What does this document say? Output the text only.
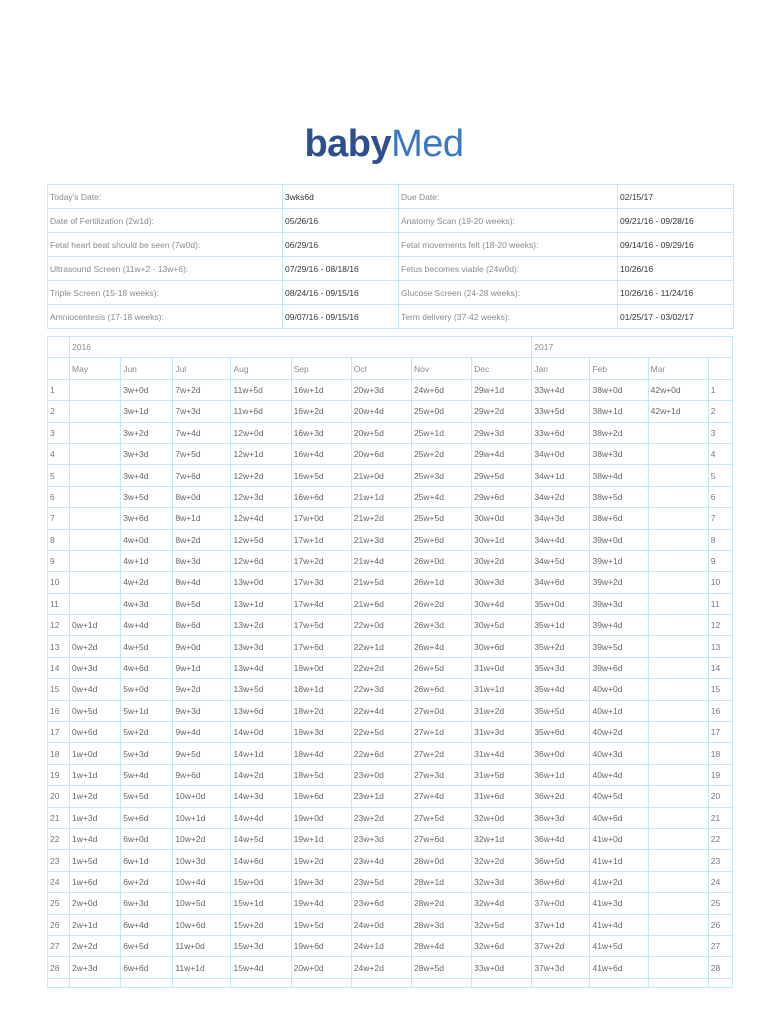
babyMed
Today's Date:	3wks6d	Due Date:	02/15/17
Date of Fertilization (2w1d):	05/26/16	Anatomy Scan (19-20 weeks):	09/21/16 - 09/28/16
Fetal heart beat should be seen (7w0d):	06/29/16	Fetal movements felt (18-20 weeks):	09/14/16 - 09/29/16
Ultrasound Screen (11w+2 - 13w+6):	07/29/16 - 08/18/16	Fetus becomes viable (24w0d):	10/26/16
Triple Screen (15-18 weeks):	08/24/16 - 09/15/16	Glucose Screen (24-28 weeks):	10/26/16 - 11/24/16
Amniocentesis (17-18 weeks):	09/07/16 - 09/15/16	Term delivery (37-42 weeks):	01/25/17 - 03/02/17
	2016								2017			
	May	Jun	Jul	Aug	Sep	Oct	Nov	Dec	Jan	Feb	Mar	
1		3w+0d	7w+2d	11w+5d	16w+1d	20w+3d	24w+6d	29w+1d	33w+4d	38w+0d	42w+0d	1
2		3w+1d	7w+3d	11w+6d	16w+2d	20w+4d	25w+0d	29w+2d	33w+5d	38w+1d	42w+1d	2
3		3w+2d	7w+4d	12w+0d	16w+3d	20w+5d	25w+1d	29w+3d	33w+6d	38w+2d		3
4		3w+3d	7w+5d	12w+1d	16w+4d	20w+6d	25w+2d	29w+4d	34w+0d	38w+3d		4
5		3w+4d	7w+6d	12w+2d	16w+5d	21w+0d	25w+3d	29w+5d	34w+1d	38w+4d		5
6		3w+5d	8w+0d	12w+3d	16w+6d	21w+1d	25w+4d	29w+6d	34w+2d	38w+5d		6
7		3w+6d	8w+1d	12w+4d	17w+0d	21w+2d	25w+5d	30w+0d	34w+3d	38w+6d		7
8		4w+0d	8w+2d	12w+5d	17w+1d	21w+3d	25w+6d	30w+1d	34w+4d	39w+0d		8
9		4w+1d	8w+3d	12w+6d	17w+2d	21w+4d	26w+0d	30w+2d	34w+5d	39w+1d		9
10		4w+2d	8w+4d	13w+0d	17w+3d	21w+5d	26w+1d	30w+3d	34w+6d	39w+2d		10
11		4w+3d	8w+5d	13w+1d	17w+4d	21w+6d	26w+2d	30w+4d	35w+0d	39w+3d		11
12	0w+1d	4w+4d	8w+6d	13w+2d	17w+5d	22w+0d	26w+3d	30w+5d	35w+1d	39w+4d		12
13	0w+2d	4w+5d	9w+0d	13w+3d	17w+6d	22w+1d	26w+4d	30w+6d	35w+2d	39w+5d		13
14	0w+3d	4w+6d	9w+1d	13w+4d	18w+0d	22w+2d	26w+5d	31w+0d	35w+3d	39w+6d		14
15	0w+4d	5w+0d	9w+2d	13w+5d	18w+1d	22w+3d	26w+6d	31w+1d	35w+4d	40w+0d		15
16	0w+5d	5w+1d	9w+3d	13w+6d	18w+2d	22w+4d	27w+0d	31w+2d	35w+5d	40w+1d		16
17	0w+6d	5w+2d	9w+4d	14w+0d	18w+3d	22w+5d	27w+1d	31w+3d	35w+6d	40w+2d		17
18	1w+0d	5w+3d	9w+5d	14w+1d	18w+4d	22w+6d	27w+2d	31w+4d	36w+0d	40w+3d		18
19	1w+1d	5w+4d	9w+6d	14w+2d	18w+5d	23w+0d	27w+3d	31w+5d	36w+1d	40w+4d		19
20	1w+2d	5w+5d	10w+0d	14w+3d	18w+6d	23w+1d	27w+4d	31w+6d	36w+2d	40w+5d		20
21	1w+3d	5w+6d	10w+1d	14w+4d	19w+0d	23w+2d	27w+5d	32w+0d	36w+3d	40w+6d		21
22	1w+4d	6w+0d	10w+2d	14w+5d	19w+1d	23w+3d	27w+6d	32w+1d	36w+4d	41w+0d		22
23	1w+5d	6w+1d	10w+3d	14w+6d	19w+2d	23w+4d	28w+0d	32w+2d	36w+5d	41w+1d		23
24	1w+6d	6w+2d	10w+4d	15w+0d	19w+3d	23w+5d	28w+1d	32w+3d	36w+6d	41w+2d		24
25	2w+0d	6w+3d	10w+5d	15w+1d	19w+4d	23w+6d	28w+2d	32w+4d	37w+0d	41w+3d		25
26	2w+1d	6w+4d	10w+6d	15w+2d	19w+5d	24w+0d	28w+3d	32w+5d	37w+1d	41w+4d		26
27	2w+2d	6w+5d	11w+0d	15w+3d	19w+6d	24w+1d	28w+4d	32w+6d	37w+2d	41w+5d		27
28	2w+3d	6w+6d	11w+1d	15w+4d	20w+0d	24w+2d	28w+5d	33w+0d	37w+3d	41w+6d		28
